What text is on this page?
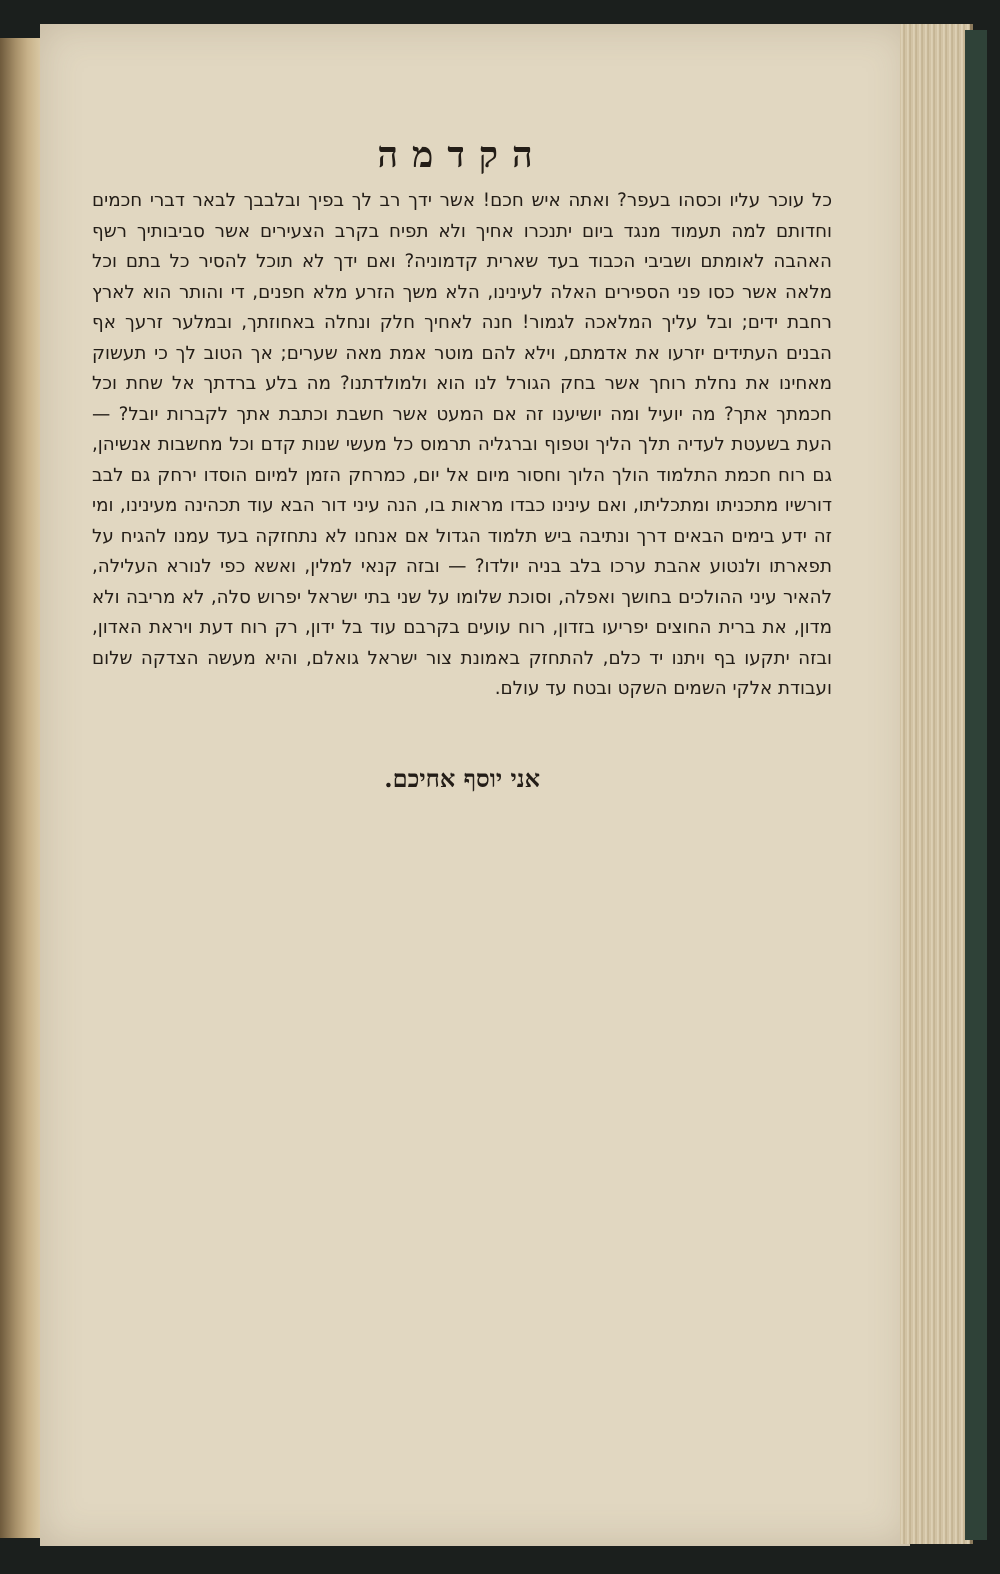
הקדמה

כל עוכר עליו וכסהו בעפר? ואתה איש חכם! אשר ידך רב לך בפיך ובלבבך לבאר דברי חכמים וחדותם למה תעמוד מנגד ביום יתנכרו אחיך ולא תפיח בקרב הצעירים אשר סביבותיך רשף האהבה לאומתם ושביבי הכבוד בעד שארית קדמוניה? ואם ידך לא תוכל להסיר כל בתם וכל מלאה אשר כסו פני הספירים האלה לעינינו, הלא משך הזרע מלא חפנים, די והותר הוא לארץ רחבת ידים; ובל עליך המלאכה לגמור! חנה לאחיך חלק ונחלה באחוזתך, ובמלער זרעך אף הבנים העתידים יזרעו את אדמתם, וילא להם מוטר אמת מאה שערים; אך הטוב לך כי תעשוק מאחינו את נחלת רוחך אשר בחק הגורל לנו הוא ולמולדתנו? מה בלע ברדתך אל שחת וכל חכמתך אתך? מה יועיל ומה יושיענו זה אם המעט אשר חשבת וכתבת אתך לקברות יובל? — העת בשעטת לעדיה תלך הליך וטפוף וברגליה תרמוס כל מעשי שנות קדם וכל מחשבות אנשיהן, גם רוח חכמת התלמוד הולך הלוך וחסור מיום אל יום, כמרחק הזמן למיום הוסדו ירחק גם לבב דורשיו מתכניתו ומתכליתו, ואם עינינו כבדו מראות בו, הנה עיני דור הבא עוד תכהינה מעינינו, ומי זה ידע בימים הבאים דרך ונתיבה ביש תלמוד הגדול אם אנחנו לא נתחזקה בעד עמנו להגיח על תפארתו ולנטוע אהבת ערכו בלב בניה יולדו? — ובזה קנאי למלין, ואשא כפי לנורא העלילה, להאיר עיני ההולכים בחושך ואפלה, וסוכת שלומו על שני בתי ישראל יפרוש סלה, לא מריבה ולא מדון, את ברית החוצים יפריעו בזדון, רוח עועים בקרבם עוד בל ידון, רק רוח דעת ויראת האדון, ובזה יתקעו בף ויתנו יד כלם, להתחזק באמונת צור ישראל גואלם, והיא מעשה הצדקה שלום ועבודת אלקי השמים השקט ובטח עד עולם.

אני יוסף אחיכם.
